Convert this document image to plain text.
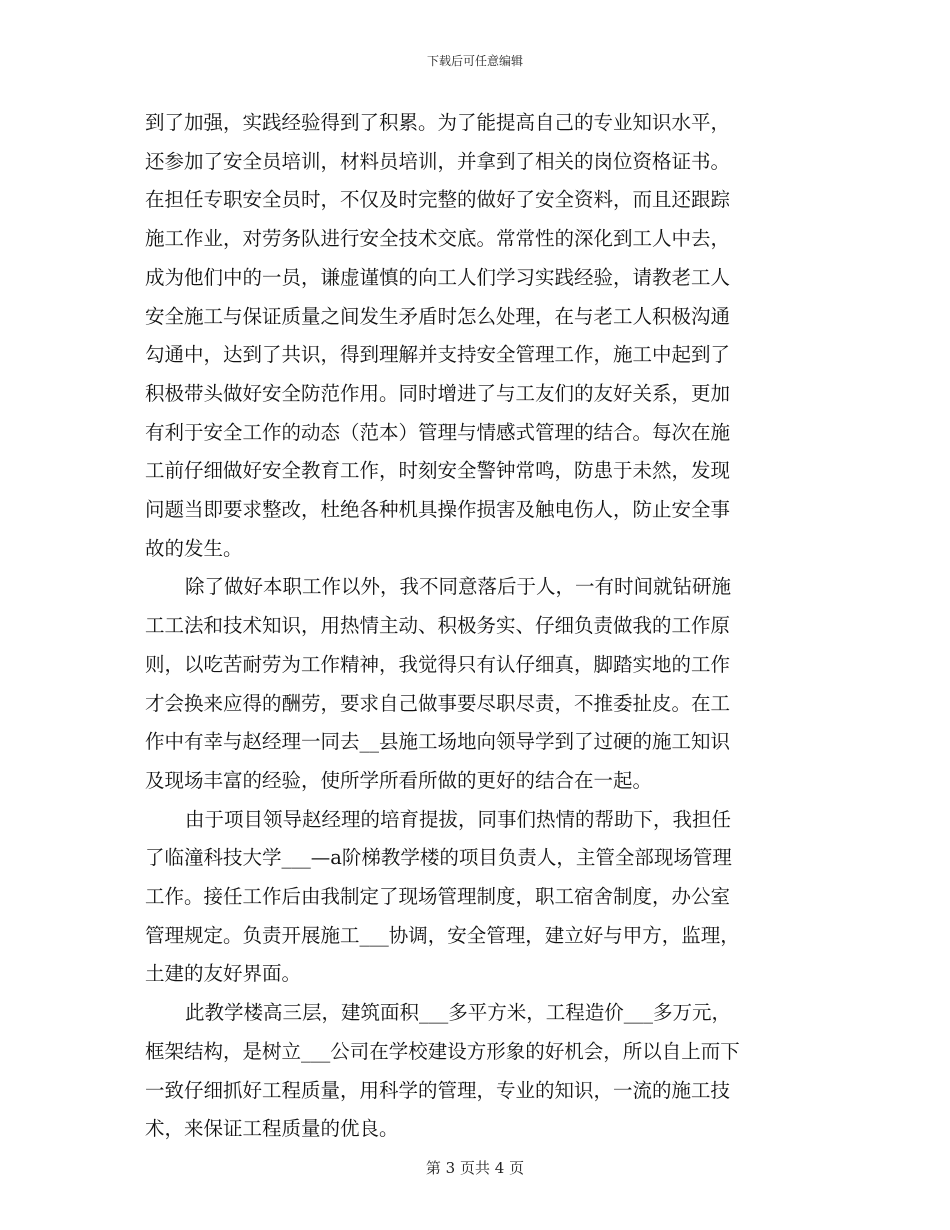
下载后可任意编辑

到了加强，实践经验得到了积累。为了能提高自己的专业知识水平，
还参加了安全员培训，材料员培训，并拿到了相关的岗位资格证书。
在担任专职安全员时，不仅及时完整的做好了安全资料，而且还跟踪
施工作业，对劳务队进行安全技术交底。常常性的深化到工人中去，
成为他们中的一员，谦虚谨慎的向工人们学习实践经验，请教老工人
安全施工与保证质量之间发生矛盾时怎么处理，在与老工人积极沟通
勾通中，达到了共识，得到理解并支持安全管理工作，施工中起到了
积极带头做好安全防范作用。同时增进了与工友们的友好关系，更加
有利于安全工作的动态（范本）管理与情感式管理的结合。每次在施
工前仔细做好安全教育工作，时刻安全警钟常鸣，防患于未然，发现
问题当即要求整改，杜绝各种机具操作损害及触电伤人，防止安全事
故的发生。

除了做好本职工作以外，我不同意落后于人，一有时间就钻研施
工工法和技术知识，用热情主动、积极务实、仔细负责做我的工作原
则，以吃苦耐劳为工作精神，我觉得只有认仔细真，脚踏实地的工作
才会换来应得的酬劳，要求自己做事要尽职尽责，不推委扯皮。在工
作中有幸与赵经理一同去__县施工场地向领导学到了过硬的施工知识
及现场丰富的经验，使所学所看所做的更好的结合在一起。

由于项目领导赵经理的培育提拔，同事们热情的帮助下，我担任
了临潼科技大学___—a阶梯教学楼的项目负责人，主管全部现场管理
工作。接任工作后由我制定了现场管理制度，职工宿舍制度，办公室
管理规定。负责开展施工___协调，安全管理，建立好与甲方，监理，
土建的友好界面。

此教学楼高三层，建筑面积___多平方米，工程造价___多万元，
框架结构，是树立___公司在学校建设方形象的好机会，所以自上而下
一致仔细抓好工程质量，用科学的管理，专业的知识，一流的施工技
术，来保证工程质量的优良。

第 3 页共 4 页
